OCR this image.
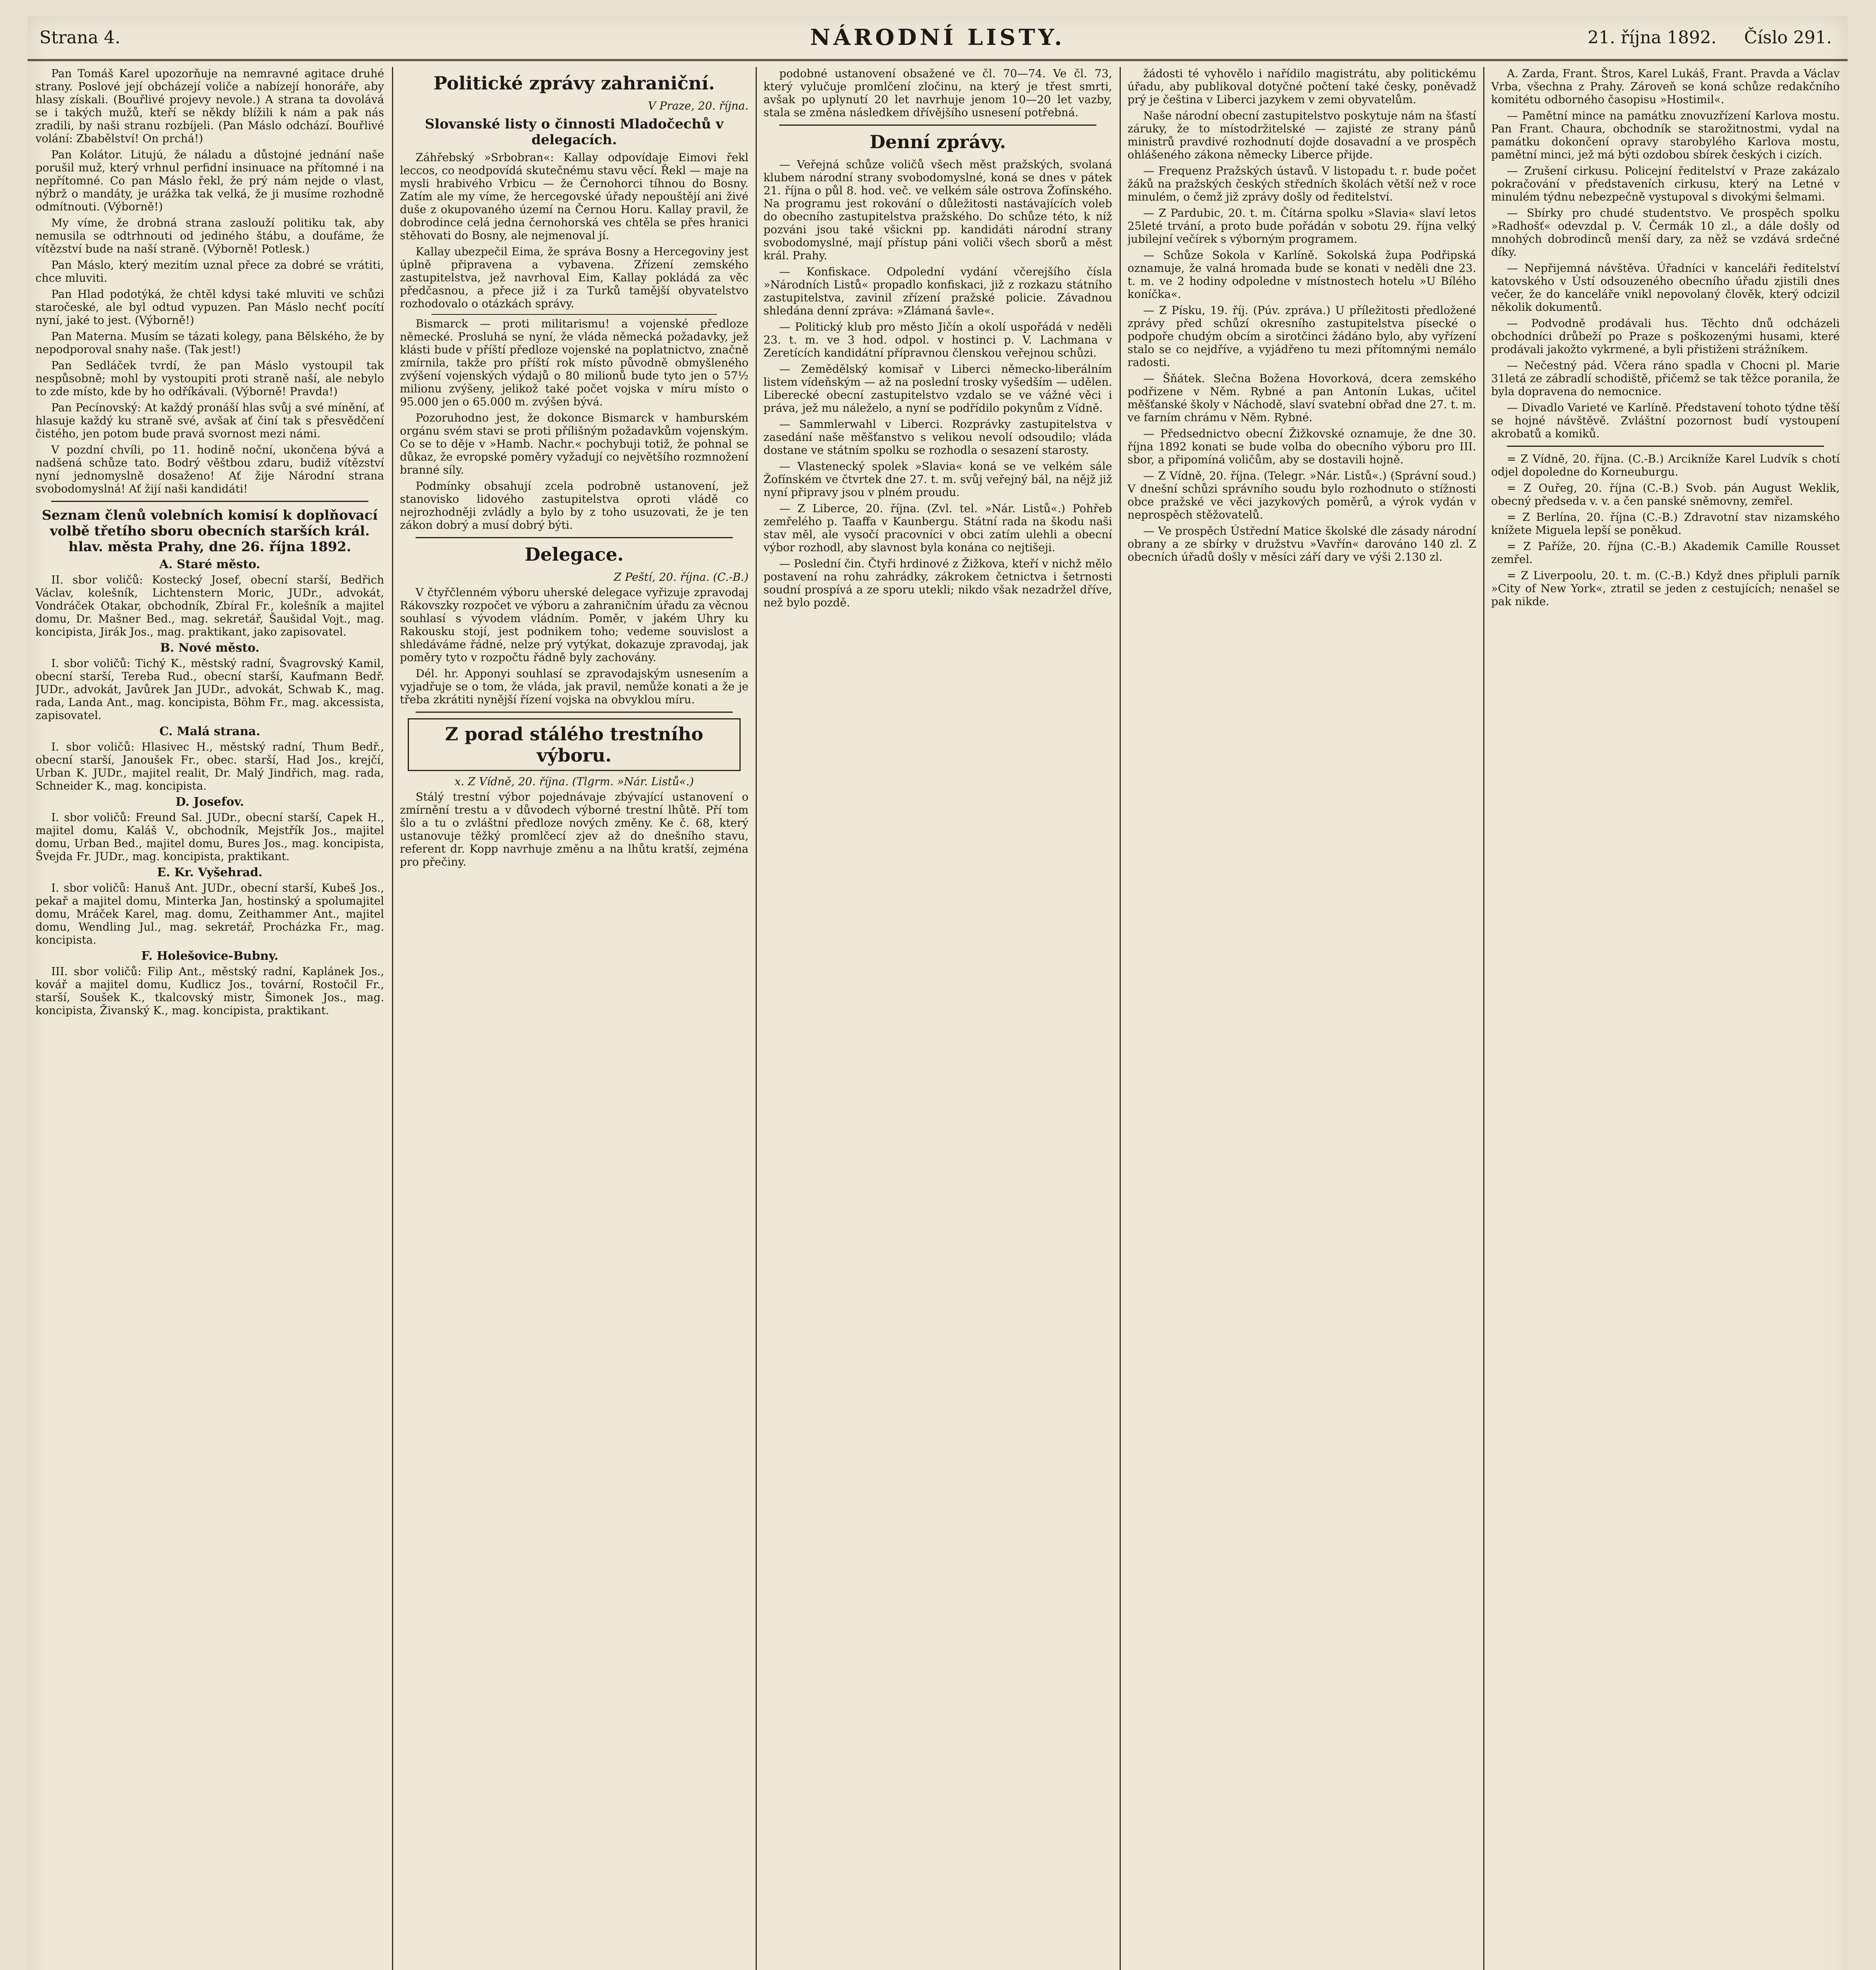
Strana 4.	NÁRODNÍ LISTY.	21. října 1892. Číslo 291.

Pan Tomáš Karel upozorňuje na nemravné agitace druhé strany. Poslové její obcházejí voliče a nabízejí honoráře, aby hlasy získali. (Bouřlivé projevy nevole.) A strana ta dovolává se i takých mužů, kteří se někdy blížili k nám a pak nás zradili, by naši stranu rozbíjeli. (Pan Máslo odchází. Bouřlivé volání: Zbabělství! On prchá!)

Pan Kolátor. Litujú, že náladu a důstojné jednání naše porušil muž, který vrhnul perfidní insinuace na přítomné i na nepřítomné. Co pan Máslo řekl, že prý nám nejde o vlast, nýbrž o mandáty, je urážka tak velká, že ji musíme rozhodně odmítnouti. (Výborně!)

My víme, že drobná strana zaslouží politiku tak, aby nemusila se odtrhnouti od jediného štábu, a doufáme, že vítězství bude na naší straně. (Výborně! Potlesk.)

Pan Máslo, který mezitím uznal přece za dobré se vrátiti, chce mluviti.

Pan Hlad podotýká, že chtěl kdysi také mluviti ve schůzi staročeské, ale byl odtud vypuzen. Pan Máslo nechť pocítí nyní, jaké to jest. (Výborně!)

Pan Materna. Musím se tázati kolegy, pana Bělského, že by nepodporoval snahy naše. (Tak jest!)

Pan Sedláček tvrdí, že pan Máslo vystoupil tak nespůsobně; mohl by vystoupiti proti straně naší, ale nebylo to zde místo, kde by ho odříkávali. (Výborně! Pravda!)

Pan Pecínovský: At každý pronáší hlas svůj a své mínění, ať hlasuje každý ku straně své, avšak ať činí tak s přesvědčení čistého, jen potom bude pravá svornost mezi námi.

V pozdní chvíli, po 11. hodině noční, ukončena bývá a nadšená schůze tato. Bodrý věštbou zdaru, budiž vítězství nyní jednomyslně dosaženo! Ať žije Národní strana svobodomyslná! Ať žijí naši kandidáti!

Seznam členů volebních komisí k doplňovací volbě třetího sboru obecních starších král. hlav. města Prahy, dne 26. října 1892.
A. Staré město.

II. sbor voličů: Kostecký Josef, obecní starší, Bedřich Václav, kolešník, Lichtenstern Moric, JUDr., advokát, Vondráček Otakar, obchodník, Zbíral Fr., kolešník a majitel domu, Dr. Mašner Bed., mag. sekretář, Šaušidal Vojt., mag. koncipista, Jirák Jos., mag. praktikant, jako zapisovatel.

B. Nové město.

I. sbor voličů: Tichý K., městský radní, Švagrovský Kamil, obecní starší, Tereba Rud., obecní starší, Kaufmann Bedř. JUDr., advokát, Javůrek Jan JUDr., advokát, Schwab K., mag. rada, Landa Ant., mag. koncipista, Böhm Fr., mag. akcessista, zapisovatel.

C. Malá strana.

I. sbor voličů: Hlasivec H., městský radní, Thum Bedř., obecní starší, Janoušek Fr., obec. starší, Had Jos., krejčí, Urban K. JUDr., majitel realit, Dr. Malý Jindřich, mag. rada, Schneider K., mag. koncipista.

D. Josefov.

I. sbor voličů: Freund Sal. JUDr., obecní starší, Capek H., majitel domu, Kaláš V., obchodník, Mejstřík Jos., majitel domu, Urban Bed., majitel domu, Bures Jos., mag. koncipista, Švejda Fr. JUDr., mag. koncipista, praktikant.

E. Kr. Vyšehrad.

I. sbor voličů: Hanuš Ant. JUDr., obecní starší, Kubeš Jos., pekař a majitel domu, Minterka Jan, hostinský a spolumajitel domu, Mráček Karel, mag. domu, Zeithammer Ant., majitel domu, Wendling Jul., mag. sekretář, Procházka Fr., mag. koncipista.

F. Holešovice-Bubny.

III. sbor voličů: Filip Ant., městský radní, Kaplánek Jos., kovář a majitel domu, Kudlicz Jos., tovární, Rostočil Fr., starší, Soušek K., tkalcovský mistr, Šimonek Jos., mag. koncipista, Živanský K., mag. koncipista, praktikant.

Politické zprávy zahraniční.
V Praze, 20. října.
Slovanské listy o činnosti Mladočechů v delegacích.

Záhřebský »Srbobran«: Kallay odpovídaje Eimovi řekl leccos, co neodpovídá skutečnému stavu věcí. Řekl — maje na mysli hrabivého Vrbicu — že Černohorci tíhnou do Bosny. Zatím ale my víme, že hercegovské úřady nepouštějí ani živé duše z okupovaného území na Černou Horu. Kallay pravil, že dobrodince celá jedna černohorská ves chtěla se přes hranici stěhovati do Bosny, ale nejmenoval jí.

Kallay ubezpečil Eima, že správa Bosny a Hercegoviny jest úplně připravena a vybavena. Zřízení zemského zastupitelstva, jež navrhoval Eim, Kallay pokládá za věc předčasnou, a přece již i za Turků tamější obyvatelstvo rozhodovalo o otázkách správy.

Bismarck — proti militarismu! a vojenské předloze německé. Prosluhá se nyní, že vláda německá požadavky, jež klásti bude v příští předloze vojenské na poplatnictvo, značně zmírnila, takže pro příští rok místo původně obmyšleného zvýšení vojenských výdajů o 80 milionů bude tyto jen o 57½ milionu zvýšeny, jelikož také počet vojska v míru místo o 95.000 jen o 65.000 m. zvýšen bývá.

Pozoruhodno jest, že dokonce Bismarck v hamburském orgánu svém stavi se proti přílišným požadavkům vojenským. Co se to děje v »Hamb. Nachr.« pochybuji totiž, že pohnal se důkaz, že evropské poměry vyžadují co největšího rozmnožení branné síly.

Podmínky obsahují zcela podrobně ustanovení, jež stanovisko lidového zastupitelstva oproti vládě co nejrozhodněji zvládly a bylo by z toho usuzovati, že je ten zákon dobrý a musí dobrý býti.

Delegace.
Z Peští, 20. října. (C.-B.)

V čtyřčlenném výboru uherské delegace vyřizuje zpravodaj Rákovszky rozpočet ve výboru a zahraničním úřadu za věcnou souhlasí s vývodem vládním. Poměr, v jakém Uhry ku Rakousku stojí, jest podnikem toho; vedeme souvislost a shledáváme řádné, nelze prý vytýkat, dokazuje zpravodaj, jak poměry tyto v rozpočtu řádně byly zachovány.

Dél. hr. Apponyi souhlasí se zpravodajským usnesením a vyjadřuje se o tom, že vláda, jak pravil, nemůže konati a že je třeba zkrátiti nynější řízení vojska na obvyklou míru.

Z porad stálého trestního výboru.
x. Z Vídně, 20. října. (Tlgrm. »Nár. Listů«.)

Stálý trestní výbor pojednávaje zbývající ustanovení o zmírnění trestu a v důvodech výborné trestní lhůtě. Pří tom šlo a tu o zvláštní předloze nových změny. Ke č. 68, který ustanovuje těžký promlčecí zjev až do dnešního stavu, referent dr. Kopp navrhuje změnu a na lhůtu kratší, zejména pro přečiny.

podobné ustanovení obsažené ve čl. 70—74. Ve čl. 73, který vylučuje promlčení zločinu, na který je třest smrti, avšak po uplynutí 20 let navrhuje jenom 10—20 let vazby, stala se změna následkem dřívějšího usnesení potřebná.

Denní zprávy.

— Veřejná schůze voličů všech měst pražských, svolaná klubem národní strany svobodomyslné, koná se dnes v pátek 21. října o půl 8. hod. več. ve velkém sále ostrova Žofínského. Na programu jest rokování o důležitosti nastávajících voleb do obecního zastupitelstva pražského. Do schůze této, k níž pozváni jsou také všickni pp. kandidáti národní strany svobodomyslné, mají přístup páni voliči všech sborů a měst král. Prahy.

— Konfiskace. Odpolední vydání včerejšího čísla »Národních Listů« propadlo konfiskaci, již z rozkazu státního zastupitelstva, zavinil zřízení pražské policie. Závadnou shledána denní zpráva: »Zlámaná šavle«.

— Politický klub pro město Jičín a okolí uspořádá v neděli 23. t. m. ve 3 hod. odpol. v hostinci p. V. Lachmana v Zeretících kandidátní přípravnou členskou veřejnou schůzi.

— Zemědělský komisař v Liberci německo-liberálním listem vídeňským — až na poslední trosky vyšedším — udělen. Liberecké obecní zastupitelstvo vzdalo se ve vážné věci i práva, jež mu náleželo, a nyní se podřídilo pokynům z Vídně.

— Sammlerwahl v Liberci. Rozprávky zastupitelstva v zasedání naše měšťanstvo s velikou nevolí odsoudilo; vláda dostane ve státním spolku se rozhodla o sesazení starosty.

— Vlastenecký spolek »Slavia« koná se ve velkém sále Žofínském ve čtvrtek dne 27. t. m. svůj veřejný bál, na nějž již nyní připravy jsou v plném proudu.

— Z Liberce, 20. října. (Zvl. tel. »Nár. Listů«.) Pohřeb zemřelého p. Taaffa v Kaunbergu. Státní rada na škodu naši stav měl, ale vysočí pracovníci v obci zatím ulehli a obecní výbor rozhodl, aby slavnost byla konána co nejtišeji.

— Poslední čin. Čtyři hrdinové z Žižkova, kteří v nichž mělo postavení na rohu zahrádky, zákrokem četnictva i šetrnosti soudní prospívá a ze sporu utekli; nikdo však nezadržel dříve, než bylo pozdě.

žádosti té vyhovělo i nařídilo magistrátu, aby politickému úřadu, aby publikoval dotyčné počtení také česky, poněvadž prý je čeština v Liberci jazykem v zemi obyvatelům.

Naše národní obecní zastupitelstvo poskytuje nám na šťastí záruky, že to místodržitelské — zajisté ze strany pánů ministrů pravdivé rozhodnutí dojde dosavadní a ve prospěch ohlášeného zákona německy Liberce přijde.

— Frequenz Pražských ústavů. V listopadu t. r. bude počet žáků na pražských českých středních školách větší než v roce minulém, o čemž již zprávy došly od ředitelství.

— Z Pardubic, 20. t. m. Čítárna spolku »Slavia« slaví letos 25leté trvání, a proto bude pořádán v sobotu 29. října velký jubilejní večírek s výborným programem.

— Schůze Sokola v Karlíně. Sokolská župa Podřipská oznamuje, že valná hromada bude se konati v neděli dne 23. t. m. ve 2 hodiny odpoledne v místnostech hotelu »U Bílého koníčka«.

— Z Písku, 19. říj. (Púv. zpráva.) U příležitosti předložené zprávy před schůzí okresního zastupitelstva písecké o podpoře chudým obcím a sirotčinci žádáno bylo, aby vyřízení stalo se co nejdříve, a vyjádřeno tu mezi přítomnými nemálo radosti.

— Šňátek. Slečna Božena Hovorková, dcera zemského podřizene v Něm. Rybné a pan Antonín Lukas, učitel měšťanské školy v Náchodě, slaví svatební obřad dne 27. t. m. ve farním chrámu v Něm. Rybné.

— Předsednictvo obecní Žižkovské oznamuje, že dne 30. října 1892 konati se bude volba do obecního výboru pro III. sbor, a připomíná voličům, aby se dostavili hojně.

— Z Vídně, 20. října. (Telegr. »Nár. Listů«.) (Správní soud.) V dnešní schůzi správního soudu bylo rozhodnuto o stížnosti obce pražské ve věci jazykových poměrů, a výrok vydán v neprospěch stěžovatelů.

— Ve prospěch Ústřední Matice školské dle zásady národní obrany a ze sbírky v družstvu »Vavřín« darováno 140 zl. Z obecních úřadů došly v měsíci září dary ve výši 2.130 zl.

A. Zarda, Frant. Štros, Karel Lukáš, Frant. Pravda a Václav Vrba, všechna z Prahy. Zároveň se koná schůze redakčního komitétu odborného časopisu »Hostimil«.

— Pamětní mince na památku znovuzřízení Karlova mostu. Pan Frant. Chaura, obchodník se starožitnostmi, vydal na památku dokončení opravy starobylého Karlova mostu, pamětní minci, jež má býti ozdobou sbírek českých i cizích.

— Zrušení cirkusu. Policejní ředitelství v Praze zakázalo pokračování v představeních cirkusu, který na Letné v minulém týdnu nebezpečně vystupoval s divokými šelmami.

— Sbírky pro chudé studentstvo. Ve prospěch spolku »Radhošť« odevzdal p. V. Čermák 10 zl., a dále došly od mnohých dobrodinců menší dary, za něž se vzdává srdečné díky.

— Nepřijemná návštěva. Úřadníci v kanceláři ředitelství katovského v Ústí odsouzeného obecního úřadu zjistili dnes večer, že do kanceláře vnikl nepovolaný člověk, který odcizil několik dokumentů.

— Podvodně prodávali hus. Těchto dnů odcházeli obchodníci drůbeží po Praze s poškozenými husami, které prodávali jakožto vykrmené, a byli přistiženi strážníkem.

— Nečestný pád. Včera ráno spadla v Chocni pl. Marie 31letá ze zábradlí schodiště, přičemž se tak těžce poranila, že byla dopravena do nemocnice.

— Divadlo Varieté ve Karlíně. Představení tohoto týdne těší se hojné návštěvě. Zvláštní pozornost budí vystoupení akrobatů a komiků.

= Z Vídně, 20. října. (C.-B.) Arcikníže Karel Ludvík s chotí odjel dopoledne do Korneuburgu.

= Z Ouřeg, 20. října (C.-B.) Svob. pán August Weklik, obecný předseda v. v. a čen panské sněmovny, zemřel.

= Z Berlína, 20. října (C.-B.) Zdravotní stav nizamského knížete Miguela lepší se poněkud.

= Z Paříže, 20. října (C.-B.) Akademik Camille Rousset zemřel.

= Z Liverpoolu, 20. t. m. (C.-B.) Když dnes připluli parník »City of New York«, ztratil se jeden z cestujících; nenašel se pak nikde.
